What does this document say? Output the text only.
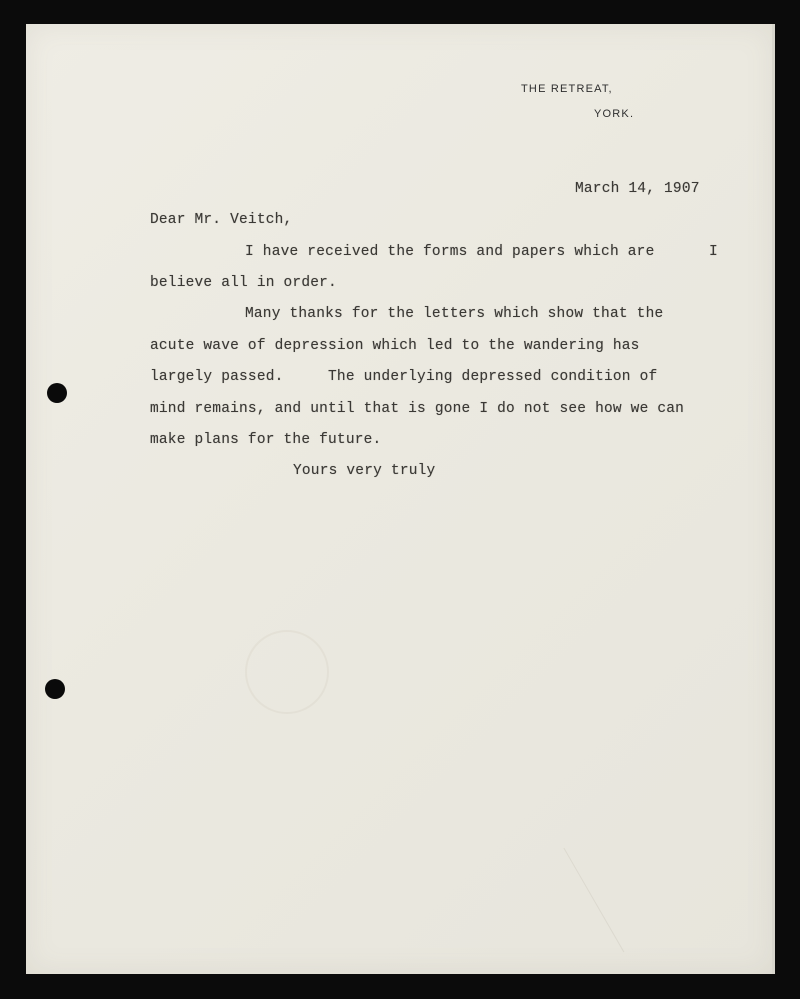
THE RETREAT,
YORK.
March 14, 1907
Dear Mr. Veitch,
I have received the forms and papers which are	I
believe all in order.
Many thanks for the letters which show that the
acute wave of depression which led to the wandering has
largely passed.     The underlying depressed condition of
mind remains, and until that is gone I do not see how we can
make plans for the future.
Yours very truly
